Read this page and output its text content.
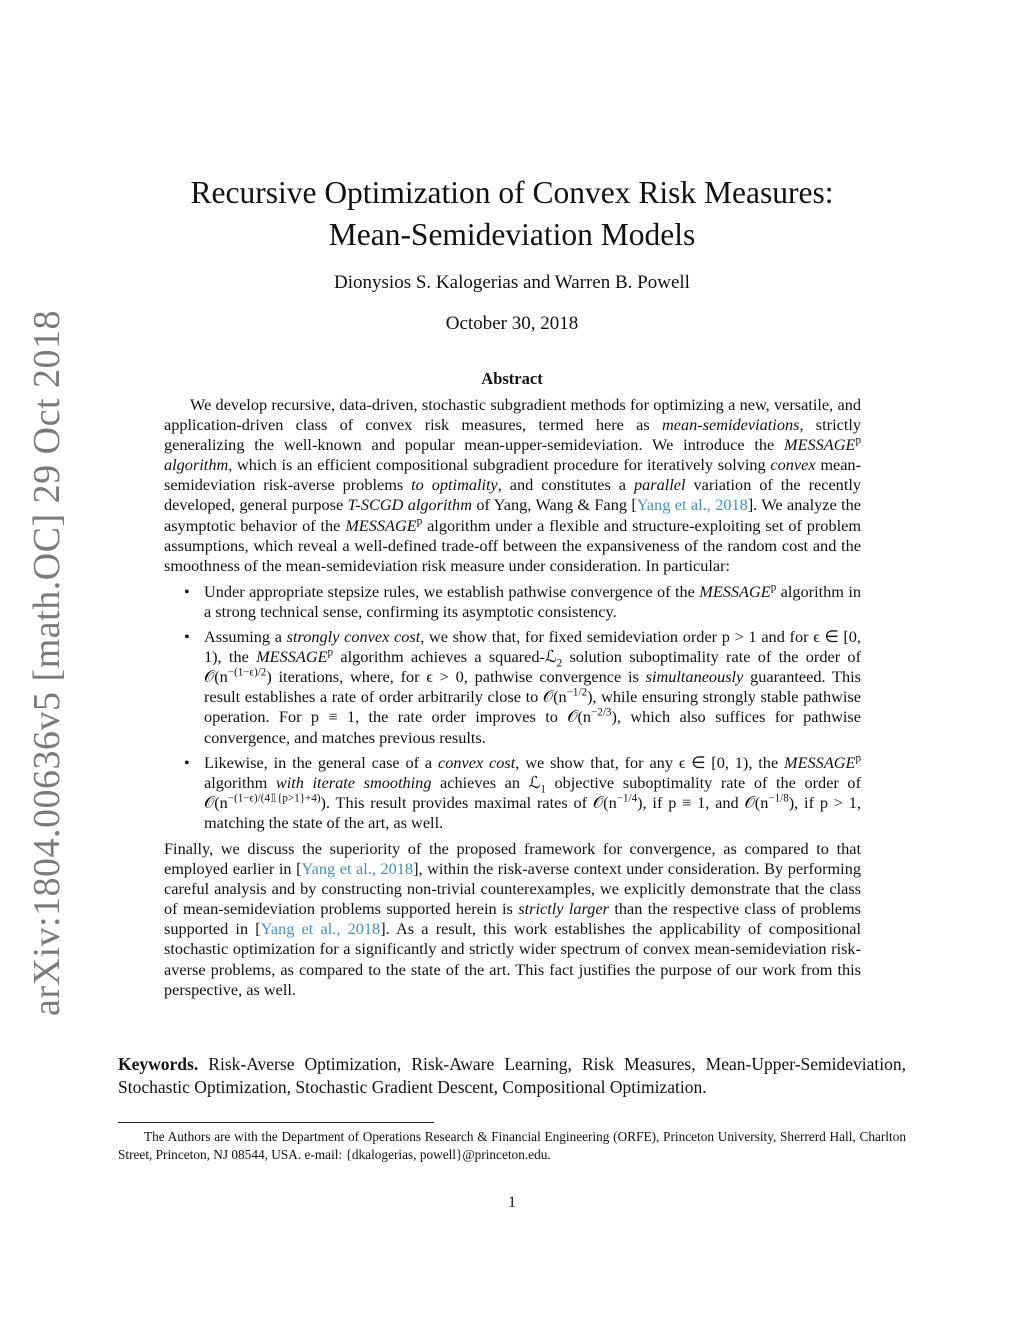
arXiv:1804.00636v5 [math.OC] 29 Oct 2018
Recursive Optimization of Convex Risk Measures:
Mean-Semideviation Models
Dionysios S. Kalogerias and Warren B. Powell
October 30, 2018
Abstract

We develop recursive, data-driven, stochastic subgradient methods for optimizing a new, versatile, and application-driven class of convex risk measures, termed here as mean-semideviations, strictly generalizing the well-known and popular mean-upper-semideviation. We introduce the MESSAGE$^p$ algorithm, which is an efficient compositional subgradient procedure for iteratively solving convex mean-semideviation risk-averse problems to optimality, and constitutes a parallel variation of the recently developed, general purpose T-SCGD algorithm of Yang, Wang & Fang [Yang et al., 2018]. We analyze the asymptotic behavior of the MESSAGE$^p$ algorithm under a flexible and structure-exploiting set of problem assumptions, which reveal a well-defined trade-off between the expansiveness of the random cost and the smoothness of the mean-semideviation risk measure under consideration. In particular:

• Under appropriate stepsize rules, we establish pathwise convergence of the MESSAGE$^p$ algorithm in a strong technical sense, confirming its asymptotic consistency.
• Assuming a strongly convex cost, we show that, for fixed semideviation order p > 1 and for ϵ ∈ [0, 1), the MESSAGE$^p$ algorithm achieves a squared-ℒ$_2$ solution suboptimality rate of the order of $𝒪(n^{-(1-\epsilon)/2})$ iterations, where, for ϵ > 0, pathwise convergence is simultaneously guaranteed. This result establishes a rate of order arbitrarily close to $𝒪(n^{-1/2})$, while ensuring strongly stable pathwise operation. For p ≡ 1, the rate order improves to $𝒪(n^{-2/3})$, which also suffices for pathwise convergence, and matches previous results.
• Likewise, in the general case of a convex cost, we show that, for any ϵ ∈ [0, 1), the MESSAGE$^p$ algorithm with iterate smoothing achieves an ℒ$_1$ objective suboptimality rate of the order of $𝒪(n^{-(1-\epsilon)/(4𝟙\{p>1\}+4)})$. This result provides maximal rates of $𝒪(n^{-1/4})$, if p ≡ 1, and $𝒪(n^{-1/8})$, if p > 1, matching the state of the art, as well.

Finally, we discuss the superiority of the proposed framework for convergence, as compared to that employed earlier in [Yang et al., 2018], within the risk-averse context under consideration. By performing careful analysis and by constructing non-trivial counterexamples, we explicitly demonstrate that the class of mean-semideviation problems supported herein is strictly larger than the respective class of problems supported in [Yang et al., 2018]. As a result, this work establishes the applicability of compositional stochastic optimization for a significantly and strictly wider spectrum of convex mean-semideviation risk-averse problems, as compared to the state of the art. This fact justifies the purpose of our work from this perspective, as well.

Keywords. Risk-Averse Optimization, Risk-Aware Learning, Risk Measures, Mean-Upper-Semideviation, Stochastic Optimization, Stochastic Gradient Descent, Compositional Optimization.
The Authors are with the Department of Operations Research & Financial Engineering (ORFE), Princeton University, Sherrerd Hall, Charlton Street, Princeton, NJ 08544, USA. e-mail: {dkalogerias, powell}@princeton.edu.
1
